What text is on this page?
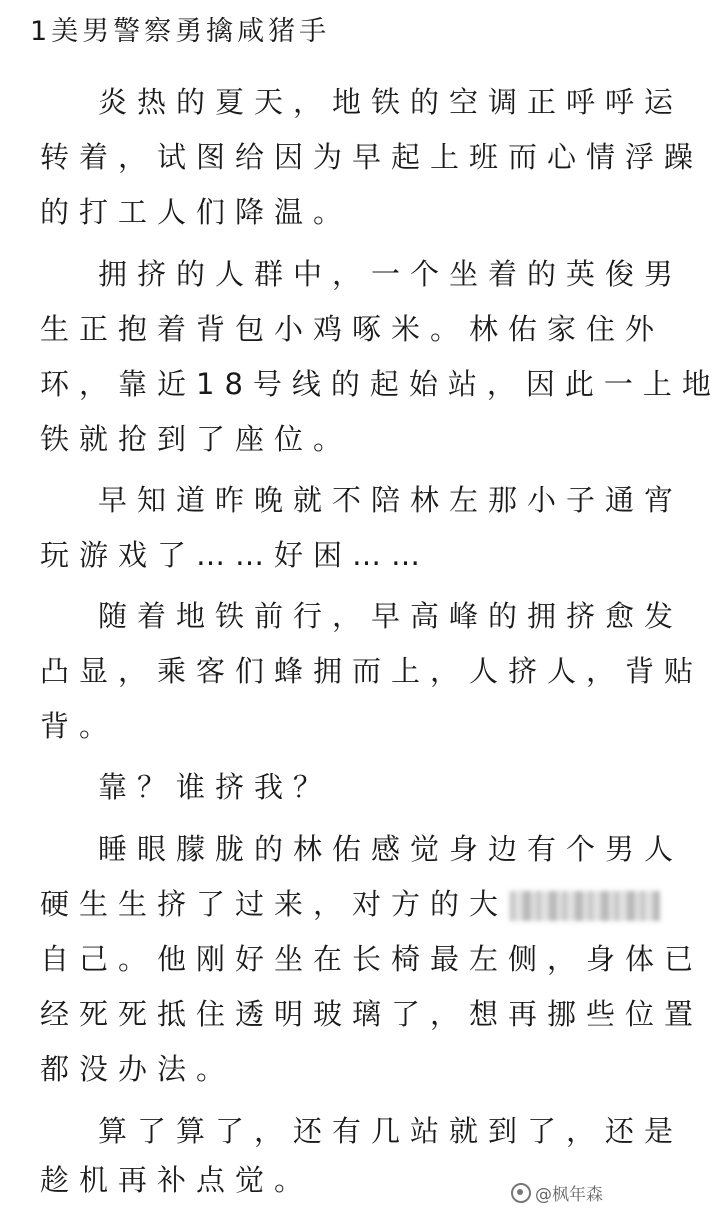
1美男警察勇擒咸猪手
炎热的夏天，地铁的空调正呼呼运
转着，试图给因为早起上班而心情浮躁
的打工人们降温。
拥挤的人群中，一个坐着的英俊男
生正抱着背包小鸡啄米。林佑家住外
环，靠近18号线的起始站，因此一上地
铁就抢到了座位。
早知道昨晚就不陪林左那小子通宵
玩游戏了……好困……
随着地铁前行，早高峰的拥挤愈发
凸显，乘客们蜂拥而上，人挤人，背贴
背。
靠？谁挤我？
睡眼朦胧的林佑感觉身边有个男人
硬生生挤了过来，对方的大
自己。他刚好坐在长椅最左侧，身体已
经死死抵住透明玻璃了，想再挪些位置
都没办法。
算了算了，还有几站就到了，还是
趁机再补点觉。	@枫年森
